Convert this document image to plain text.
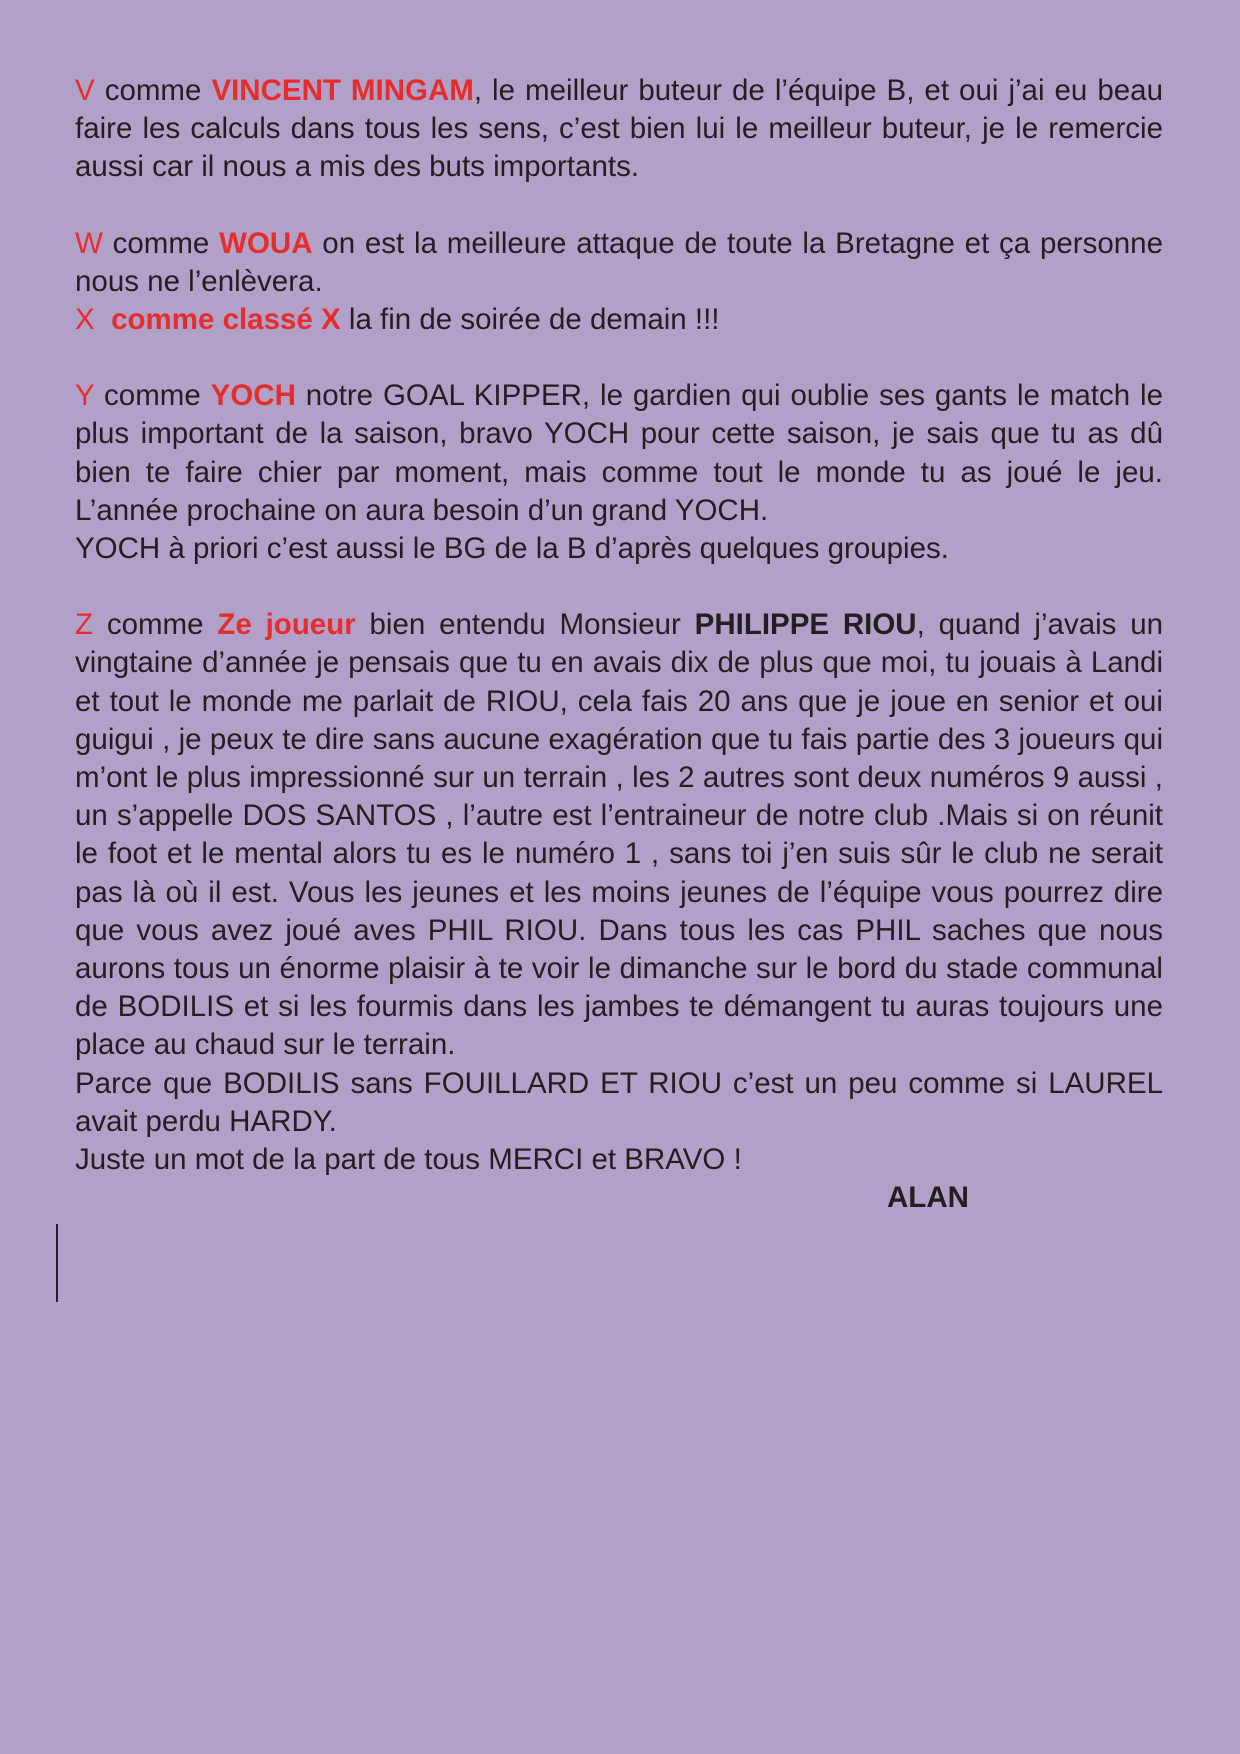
V comme VINCENT MINGAM, le meilleur buteur de l’équipe B, et oui j’ai eu beau faire les calculs dans tous les sens, c’est bien lui le meilleur buteur, je le remercie aussi car il nous a mis des buts importants.

W comme WOUA on est la meilleure attaque de toute la Bretagne et ça personne nous ne l’enlèvera.

X comme classé X la fin de soirée de demain !!!

Y comme YOCH notre GOAL KIPPER, le gardien qui oublie ses gants le match le plus important de la saison, bravo YOCH pour cette saison, je sais que tu as dû bien te faire chier par moment, mais comme tout le monde tu as joué le jeu. L’année prochaine on aura besoin d’un grand YOCH.

YOCH à priori c’est aussi le BG de la B d’après quelques groupies.

Z comme Ze joueur bien entendu Monsieur PHILIPPE RIOU, quand j’avais un vingtaine d’année je pensais que tu en avais dix de plus que moi, tu jouais à Landi et tout le monde me parlait de RIOU, cela fais 20 ans que je joue en senior et oui guigui , je peux te dire sans aucune exagération que tu fais partie des 3 joueurs qui m’ont le plus impressionné sur un terrain , les 2 autres sont deux numéros 9 aussi , un s’appelle DOS SANTOS , l’autre est l’entraineur de notre club .Mais si on réunit le foot et le mental alors tu es le numéro 1 , sans toi j’en suis sûr le club ne serait pas là où il est. Vous les jeunes et les moins jeunes de l’équipe vous pourrez dire que vous avez joué aves PHIL RIOU. Dans tous les cas PHIL saches que nous aurons tous un énorme plaisir à te voir le dimanche sur le bord du stade communal de BODILIS et si les fourmis dans les jambes te démangent tu auras toujours une place au chaud sur le terrain.

Parce que BODILIS sans FOUILLARD ET RIOU c’est un peu comme si LAUREL avait perdu HARDY.

Juste un mot de la part de tous MERCI et BRAVO !

ALAN
